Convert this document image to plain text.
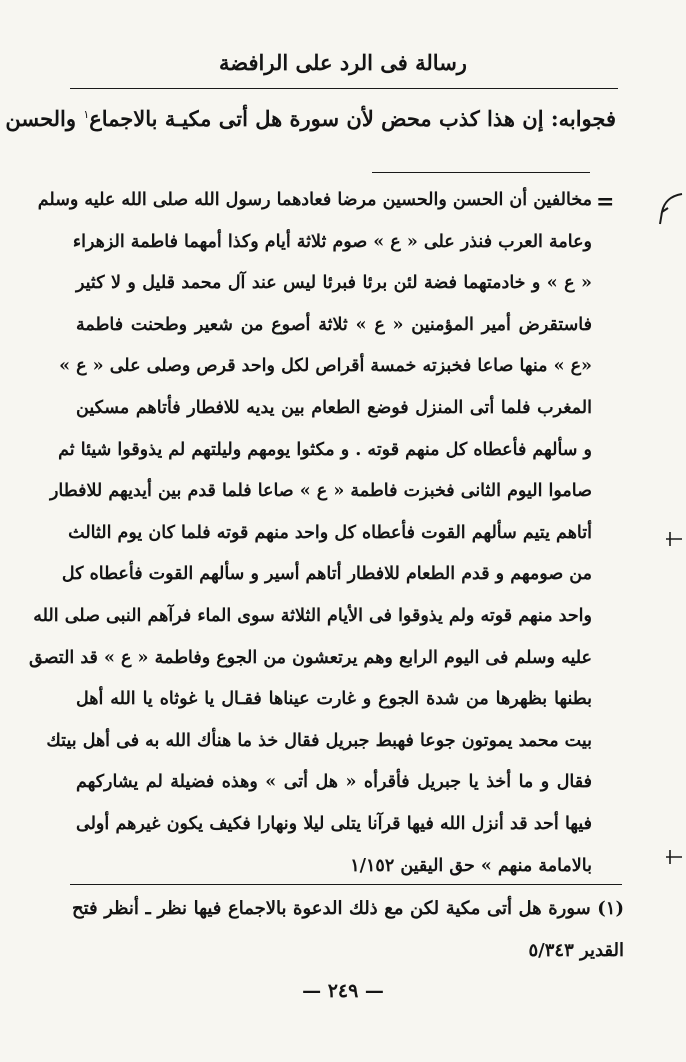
رسالة فى الرد على الرافضة
فجوابه: إن هذا كذب محض لأن سورة هل أتى مكيـة بالاجماع$^١$ والحسن
=
مخالفين أن الحسن والحسين مرضا فعادهما رسول الله صلى الله عليه وسلم
وعامة العرب فنذر على « ع » صوم ثلاثة أيام وكذا أمهما فاطمة الزهراء
« ع » و خادمتهما فضة لئن برئا فبرئا ليس عند آل محمد قليل و لا كثير
فاستقرض أمير المؤمنين « ع » ثلاثة أصوع من شعير وطحنت فاطمة
«ع » منها صاعا فخبزته خمسة أقراص لكل واحد قرص وصلى على « ع »
المغرب فلما أتى المنزل فوضع الطعام بين يديه للافطار فأتاهم مسكين
و سألهم فأعطاه كل منهم قوته . و مكثوا يومهم وليلتهم لم يذوقوا شيئا ثم
صاموا اليوم الثانى فخبزت فاطمة « ع » صاعا فلما قدم بين أيديهم للافطار
أتاهم يتيم سألهم القوت فأعطاه كل واحد منهم قوته فلما كان يوم الثالث
من صومهم و قدم الطعام للافطار أتاهم أسير و سألهم القوت فأعطاه كل
واحد منهم قوته ولم يذوقوا فى الأيام الثلاثة سوى الماء فرآهم النبى صلى الله
عليه وسلم فى اليوم الرابع وهم يرتعشون من الجوع وفاطمة « ع » قد التصق
بطنها بظهرها من شدة الجوع و غارت عيناها فقـال يا غوثاه يا الله أهل
بيت محمد يموتون جوعا فهبط جبريل فقال خذ ما هنأك الله به فى أهل بيتك
فقال و ما أخذ يا جبريل فأقرأه « هل أتى » وهذه فضيلة لم يشاركهم
فيها أحد قد أنزل الله فيها قرآنا يتلى ليلا ونهارا فكيف يكون غيرهم أولى
بالامامة منهم » حق اليقين ١/١٥٢
(١) سورة هل أتى مكية لكن مع ذلك الدعوة بالاجماع فيها نظر ـ أنظر فتح
القدير ٥/٣٤٣
— ٢٤٩ —
